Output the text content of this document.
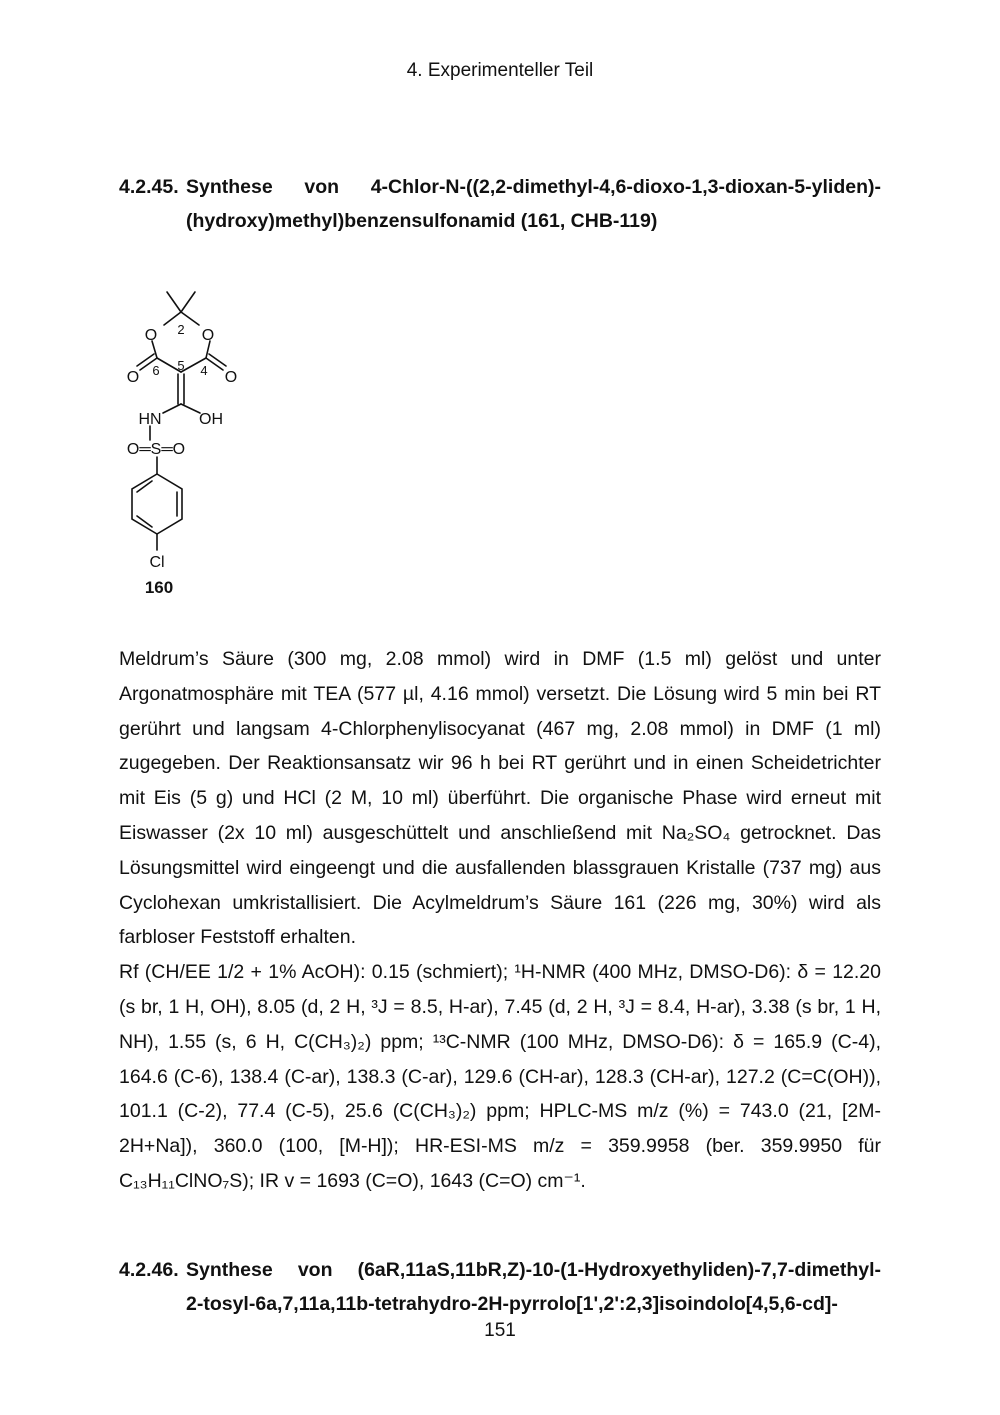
4. Experimenteller Teil
4.2.45. Synthese von 4-Chlor-N-((2,2-dimethyl-4,6-dioxo-1,3-dioxan-5-yliden)-
(hydroxy)methyl)benzensulfonamid (161, CHB-119)
O	O
2
O 6 5 4 O
HN OH
O═S═O
Cl
160

Meldrum’s Säure (300 mg, 2.08 mmol) wird in DMF (1.5 ml) gelöst und unter Argonatmosphäre mit TEA (577 µl, 4.16 mmol) versetzt. Die Lösung wird 5 min bei RT gerührt und langsam 4-Chlorphenylisocyanat (467 mg, 2.08 mmol) in DMF (1 ml) zugegeben. Der Reaktionsansatz wir 96 h bei RT gerührt und in einen Scheidetrichter mit Eis (5 g) und HCl (2 M, 10 ml) überführt. Die organische Phase wird erneut mit Eiswasser (2x 10 ml) ausgeschüttelt und anschließend mit Na₂SO₄ getrocknet. Das Lösungsmittel wird eingeengt und die ausfallenden blassgrauen Kristalle (737 mg) aus Cyclohexan umkristallisiert. Die Acylmeldrum’s Säure 161 (226 mg, 30%) wird als farbloser Feststoff erhalten.

Rf (CH/EE 1/2 + 1% AcOH): 0.15 (schmiert); ¹H-NMR (400 MHz, DMSO-D6): δ = 12.20 (s br, 1 H, OH), 8.05 (d, 2 H, ³J = 8.5, H-ar), 7.45 (d, 2 H, ³J = 8.4, H-ar), 3.38 (s br, 1 H, NH), 1.55 (s, 6 H, C(CH₃)₂) ppm; ¹³C-NMR (100 MHz, DMSO-D6): δ = 165.9 (C-4), 164.6 (C-6), 138.4 (C-ar), 138.3 (C-ar), 129.6 (CH-ar), 128.3 (CH-ar), 127.2 (C=C(OH)), 101.1 (C-2), 77.4 (C-5), 25.6 (C(CH₃)₂) ppm; HPLC-MS m/z (%) = 743.0 (21, [2M-2H+Na]), 360.0 (100, [M-H]); HR-ESI-MS m/z = 359.9958 (ber. 359.9950 für C₁₃H₁₁ClNO₇S); IR v = 1693 (C=O), 1643 (C=O) cm⁻¹.

4.2.46. Synthese von (6aR,11aS,11bR,Z)-10-(1-Hydroxyethyliden)-7,7-dimethyl-
2-tosyl-6a,7,11a,11b-tetrahydro-2H-pyrrolo[1',2':2,3]isoindolo[4,5,6-cd]-
151
